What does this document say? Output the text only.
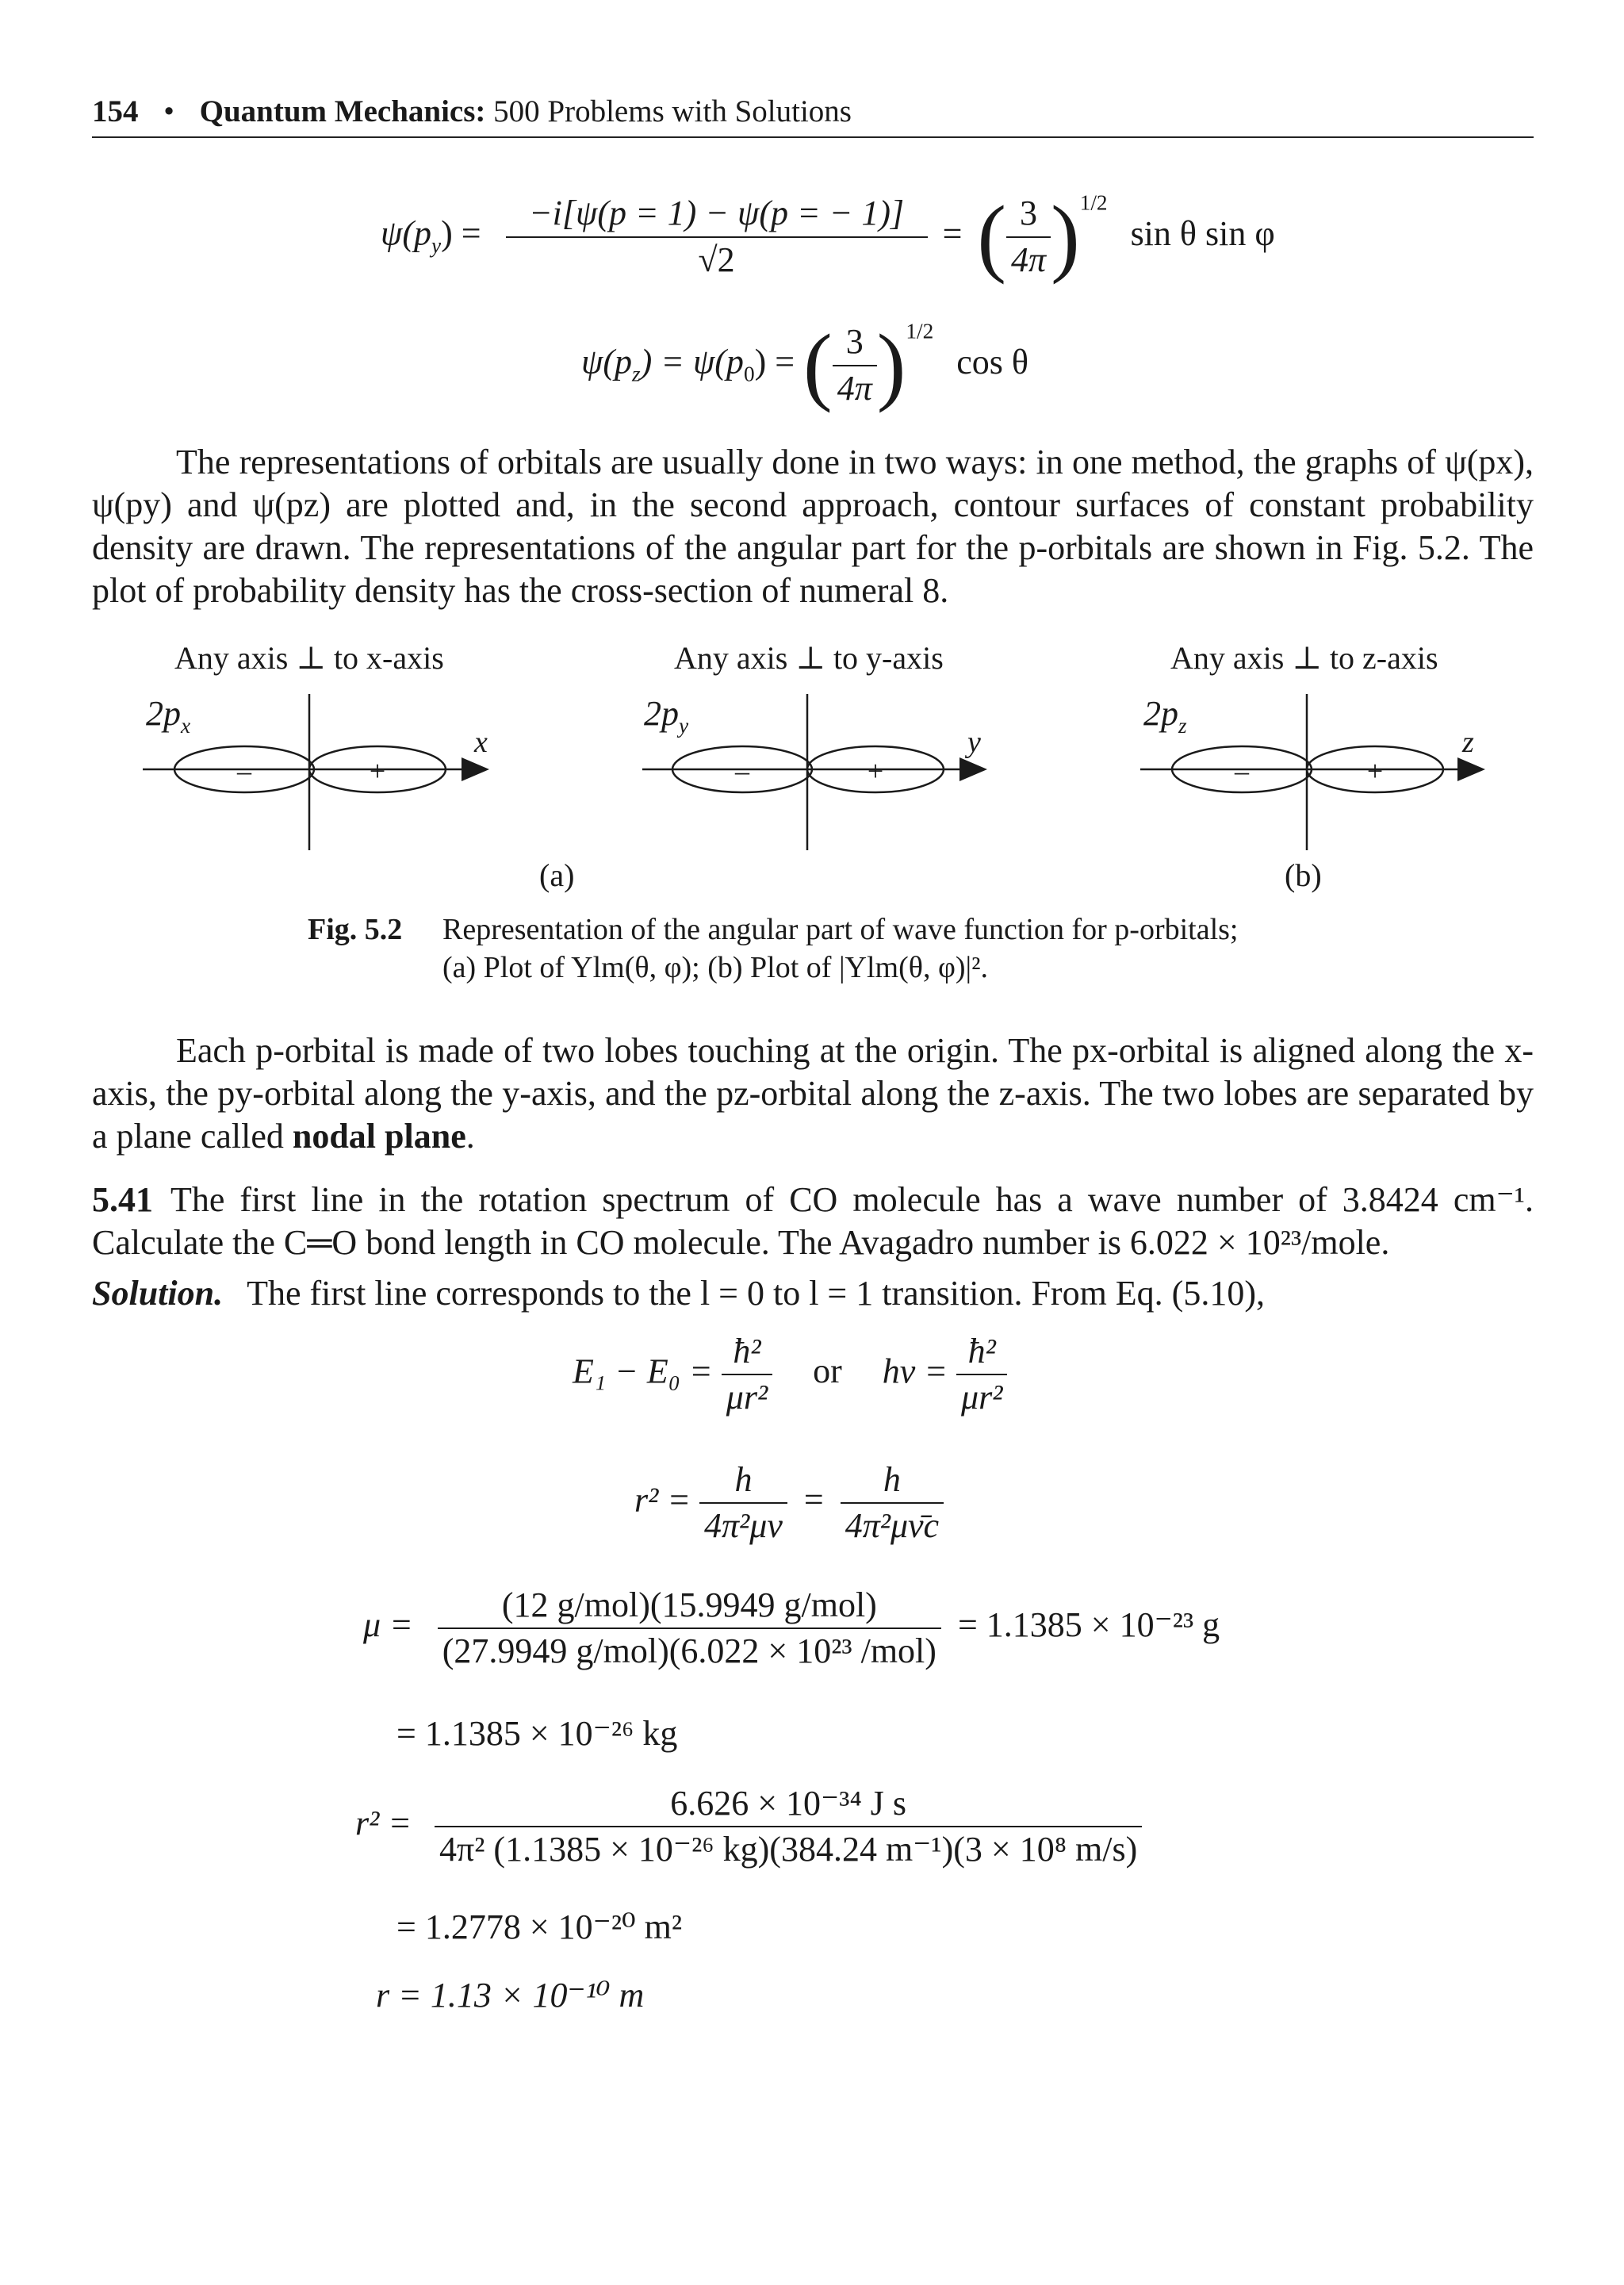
154 • Quantum Mechanics: 500 Problems with Solutions
$\psi(p_y) = \frac{-i[\psi(p = 1) - \psi(p = - 1)]}{√2}$ = ( $\frac{3}{4\pi} )^{1/2}$ sin θ sin φ
$\psi(p_z) = \psi(p_0)$ = ( $\frac{3}{4\pi} )^{1/2}$ cos θ
The representations of orbitals are usually done in two ways: in one method, the graphs of ψ(px), ψ(py) and ψ(pz) are plotted and, in the second approach, contour surfaces of constant probability density are drawn. The representations of the angular part for the p-orbitals are shown in Fig. 5.2. The plot of probability density has the cross-section of numeral 8.
Any axis ⊥ to x-axis	Any axis ⊥ to y-axis	Any axis ⊥ to z-axis
$2p_x$	$2p_y$	$2p_z$
–	+
x
–	+
y
–	+
z
(a)	(b)
Fig. 5.2 Representation of the angular part of wave function for p-orbitals;
(a) Plot of Ylm(θ, φ); (b) Plot of |Ylm(θ, φ)|².
Each p-orbital is made of two lobes touching at the origin. The px-orbital is aligned along the x-axis, the py-orbital along the y-axis, and the pz-orbital along the z-axis. The two lobes are separated by a plane called nodal plane.
5.41 The first line in the rotation spectrum of CO molecule has a wave number of 3.8424 cm⁻¹. Calculate the C═O bond length in CO molecule. The Avagadro number is 6.022 × 10²³/mole.
Solution. The first line corresponds to the l = 0 to l = 1 transition. From Eq. (5.10),
$E_1 - E_0 = \frac{\text{ħ²}}{\text{μr²}}$ or $h\nu = \frac{\text{ħ²}}{\text{μr²}}$
$r^2 = \frac{h}{\text{4π²μν}} = \frac{h}{\text{4π²μν̄c}}$
$\mu = \frac{\text{(12 g/mol)(15.9949 g/mol)}}{\text{(27.9949 g/mol)(6.022 × 10²³ /mol)}} = 1.1385 \times 10^{-23}$ g
= 1.1385 × 10⁻²⁶ kg
$r^2 = \frac{\text{6.626 × 10⁻³⁴ J s}}{\text{4π² (1.1385 × 10⁻²⁶ kg)(384.24 m⁻¹)(3 × 10⁸ m/s)}}$
= 1.2778 × 10⁻²⁰ m²
r = 1.13 × 10⁻¹⁰ m
